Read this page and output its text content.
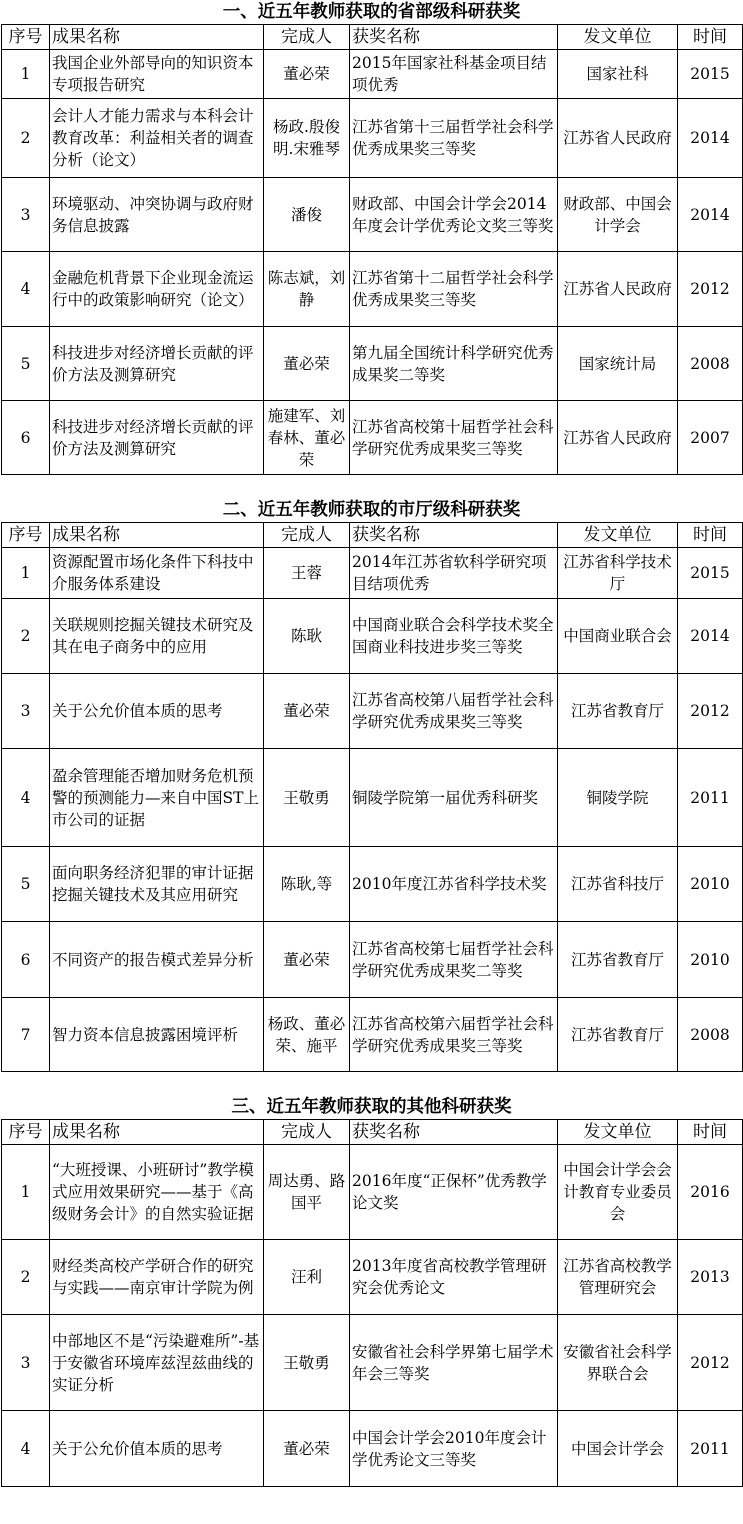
一、近五年教师获取的省部级科研获奖
序号	成果名称	完成人	获奖名称	发文单位	时间
1	我国企业外部导向的知识资本专项报告研究	董必荣	2015年国家社科基金项目结项优秀	国家社科	2015
2	会计人才能力需求与本科会计教育改革：利益相关者的调查分析（论文）	杨政.殷俊明.宋雅琴	江苏省第十三届哲学社会科学优秀成果奖三等奖	江苏省人民政府	2014
3	环境驱动、冲突协调与政府财务信息披露	潘俊	财政部、中国会计学会2014年度会计学优秀论文奖三等奖	财政部、中国会计学会	2014
4	金融危机背景下企业现金流运行中的政策影响研究（论文）	陈志斌，刘静	江苏省第十二届哲学社会科学优秀成果奖三等奖	江苏省人民政府	2012
5	科技进步对经济增长贡献的评价方法及测算研究	董必荣	第九届全国统计科学研究优秀成果奖二等奖	国家统计局	2008
6	科技进步对经济增长贡献的评价方法及测算研究	施建军、刘春林、董必荣	江苏省高校第十届哲学社会科学研究优秀成果奖三等奖	江苏省人民政府	2007
二、近五年教师获取的市厅级科研获奖
序号	成果名称	完成人	获奖名称	发文单位	时间
1	资源配置市场化条件下科技中介服务体系建设	王蓉	2014年江苏省软科学研究项目结项优秀	江苏省科学技术厅	2015
2	关联规则挖掘关键技术研究及其在电子商务中的应用	陈耿	中国商业联合会科学技术奖全国商业科技进步奖三等奖	中国商业联合会	2014
3	关于公允价值本质的思考	董必荣	江苏省高校第八届哲学社会科学研究优秀成果奖三等奖	江苏省教育厅	2012
4	盈余管理能否增加财务危机预警的预测能力—来自中国ST上市公司的证据	王敬勇	铜陵学院第一届优秀科研奖	铜陵学院	2011
5	面向职务经济犯罪的审计证据挖掘关键技术及其应用研究	陈耿,等	2010年度江苏省科学技术奖	江苏省科技厅	2010
6	不同资产的报告模式差异分析	董必荣	江苏省高校第七届哲学社会科学研究优秀成果奖二等奖	江苏省教育厅	2010
7	智力资本信息披露困境评析	杨政、董必荣、施平	江苏省高校第六届哲学社会科学研究优秀成果奖三等奖	江苏省教育厅	2008
三、近五年教师获取的其他科研获奖
序号	成果名称	完成人	获奖名称	发文单位	时间
1	“大班授课、小班研讨”教学模式应用效果研究——基于《高级财务会计》的自然实验证据	周达勇、路国平	2016年度“正保杯”优秀教学论文奖	中国会计学会会计教育专业委员会	2016
2	财经类高校产学研合作的研究与实践——南京审计学院为例	汪利	2013年度省高校教学管理研究会优秀论文	江苏省高校教学管理研究会	2013
3	中部地区不是“污染避难所”-基于安徽省环境库兹涅兹曲线的实证分析	王敬勇	安徽省社会科学界第七届学术年会三等奖	安徽省社会科学界联合会	2012
4	关于公允价值本质的思考	董必荣	中国会计学会2010年度会计学优秀论文三等奖	中国会计学会	2011
